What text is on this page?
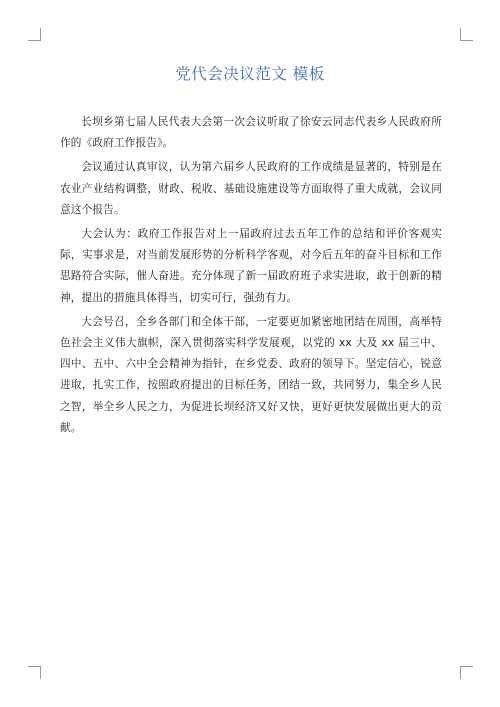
党代会决议范文 模板

长坝乡第七届人民代表大会第一次会议听取了徐安云同志代表乡人民政府所作的《政府工作报告》。

会议通过认真审议，认为第六届乡人民政府的工作成绩是显著的，特别是在农业产业结构调整，财政、税收、基础设施建设等方面取得了重大成就，会议同意这个报告。

大会认为：政府工作报告对上一届政府过去五年工作的总结和评价客观实际，实事求是，对当前发展形势的分析科学客观，对今后五年的奋斗目标和工作思路符合实际，催人奋进。充分体现了新一届政府班子求实进取，敢于创新的精神，提出的措施具体得当，切实可行，强劲有力。

大会号召，全乡各部门和全体干部，一定要更加紧密地团结在周围，高举特色社会主义伟大旗帜，深入贯彻落实科学发展观，以党的 xx 大及 xx 届三中、四中、五中、六中全会精神为指针，在乡党委、政府的领导下。坚定信心，锐意进取，扎实工作，按照政府提出的目标任务，团结一致，共同努力，集全乡人民之智，举全乡人民之力，为促进长坝经济又好又快，更好更快发展做出更大的贡献。
